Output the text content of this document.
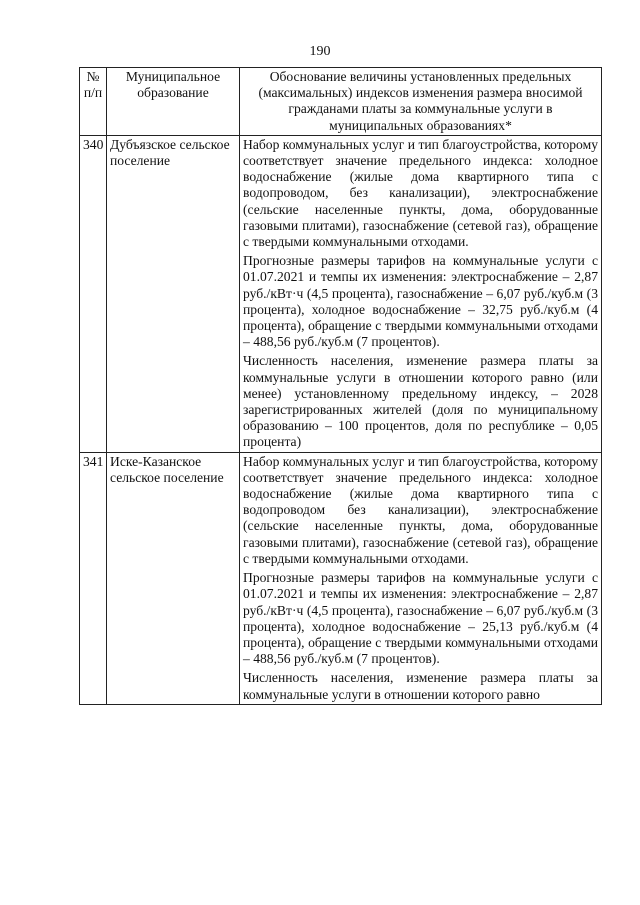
190
№ п/п	Муниципальное образование	Обоснование величины установленных предельных (максимальных) индексов изменения размера вносимой гражданами платы за коммунальные услуги в муниципальных образованиях*
340	Дубъязское сельское поселение	Набор коммунальных услуг и тип благоустройства, которому соответствует значение предельного индекса: холодное водоснабжение (жилые дома квартирного типа с водопроводом, без канализации), электроснабжение (сельские населенные пункты, дома, оборудованные газовыми плитами), газоснабжение (сетевой газ), обращение с твердыми коммунальными отходами.

Прогнозные размеры тарифов на коммунальные услуги с 01.07.2021 и темпы их изменения: электроснабжение – 2,87 руб./кВт·ч (4,5 процента), газоснабжение – 6,07 руб./куб.м (3 процента), холодное водоснабжение – 32,75 руб./куб.м (4 процента), обращение с твердыми коммунальными отходами – 488,56 руб./куб.м (7 процентов).

Численность населения, изменение размера платы за коммунальные услуги в отношении которого равно (или менее) установленному предельному индексу, – 2028 зарегистрированных жителей (доля по муниципальному образованию – 100 процентов, доля по республике – 0,05 процента)

341	Иске-Казанское сельское поселение	Набор коммунальных услуг и тип благоустройства, которому соответствует значение предельного индекса: холодное водоснабжение (жилые дома квартирного типа с водопроводом без канализации), электроснабжение (сельские населенные пункты, дома, оборудованные газовыми плитами), газоснабжение (сетевой газ), обращение с твердыми коммунальными отходами.

Прогнозные размеры тарифов на коммунальные услуги с 01.07.2021 и темпы их изменения: электроснабжение – 2,87 руб./кВт·ч (4,5 процента), газоснабжение – 6,07 руб./куб.м (3 процента), холодное водоснабжение – 25,13 руб./куб.м (4 процента), обращение с твердыми коммунальными отходами – 488,56 руб./куб.м (7 процентов).

Численность населения, изменение размера платы за коммунальные услуги в отношении которого равно
